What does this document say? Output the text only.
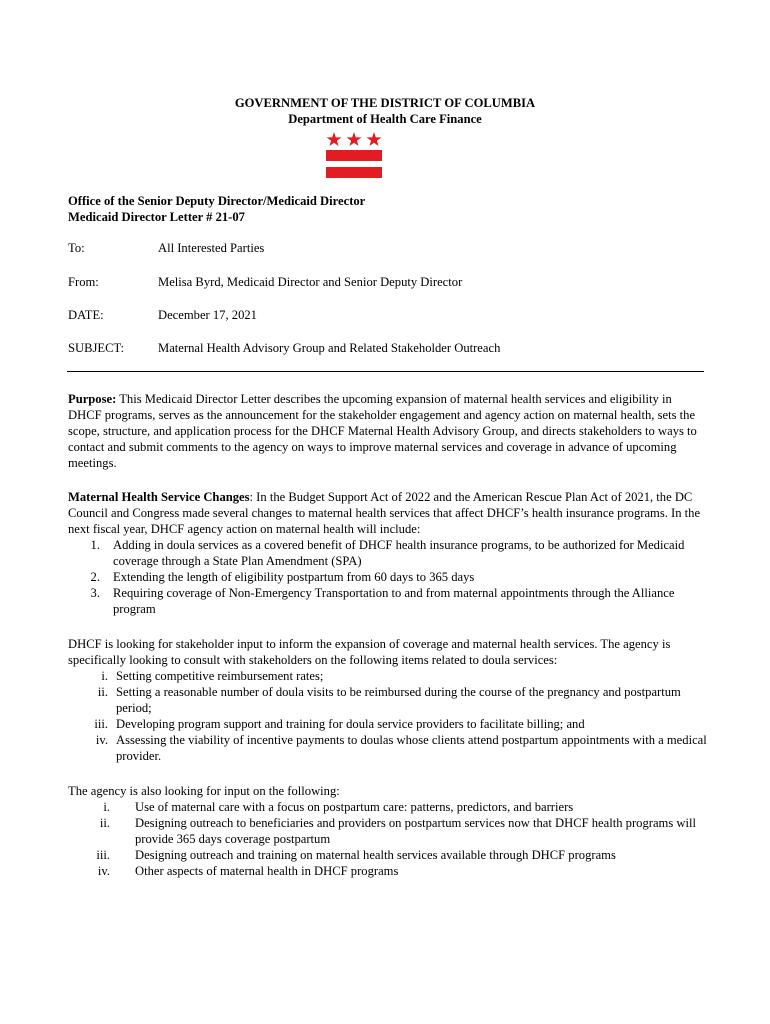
GOVERNMENT OF THE DISTRICT OF COLUMBIA
Department of Health Care Finance
Office of the Senior Deputy Director/Medicaid Director
Medicaid Director Letter # 21-07
To:	All Interested Parties
From:	Melisa Byrd, Medicaid Director and Senior Deputy Director
DATE:	December 17, 2021
SUBJECT:	Maternal Health Advisory Group and Related Stakeholder Outreach

Purpose: This Medicaid Director Letter describes the upcoming expansion of maternal health services and eligibility in DHCF programs, serves as the announcement for the stakeholder engagement and agency action on maternal health, sets the scope, structure, and application process for the DHCF Maternal Health Advisory Group, and directs stakeholders to ways to contact and submit comments to the agency on ways to improve maternal services and coverage in advance of upcoming meetings.

Maternal Health Service Changes: In the Budget Support Act of 2022 and the American Rescue Plan Act of 2021, the DC Council and Congress made several changes to maternal health services that affect DHCF’s health insurance programs. In the next fiscal year, DHCF agency action on maternal health will include:

1. Adding in doula services as a covered benefit of DHCF health insurance programs, to be authorized for Medicaid coverage through a State Plan Amendment (SPA)
2. Extending the length of eligibility postpartum from 60 days to 365 days
3. Requiring coverage of Non-Emergency Transportation to and from maternal appointments through the Alliance program

DHCF is looking for stakeholder input to inform the expansion of coverage and maternal health services. The agency is specifically looking to consult with stakeholders on the following items related to doula services:

i. Setting competitive reimbursement rates;
ii. Setting a reasonable number of doula visits to be reimbursed during the course of the pregnancy and postpartum period;
iii. Developing program support and training for doula service providers to facilitate billing; and
iv. Assessing the viability of incentive payments to doulas whose clients attend postpartum appointments with a medical provider.

The agency is also looking for input on the following:

i. Use of maternal care with a focus on postpartum care: patterns, predictors, and barriers
ii. Designing outreach to beneficiaries and providers on postpartum services now that DHCF health programs will provide 365 days coverage postpartum
iii. Designing outreach and training on maternal health services available through DHCF programs
iv. Other aspects of maternal health in DHCF programs
